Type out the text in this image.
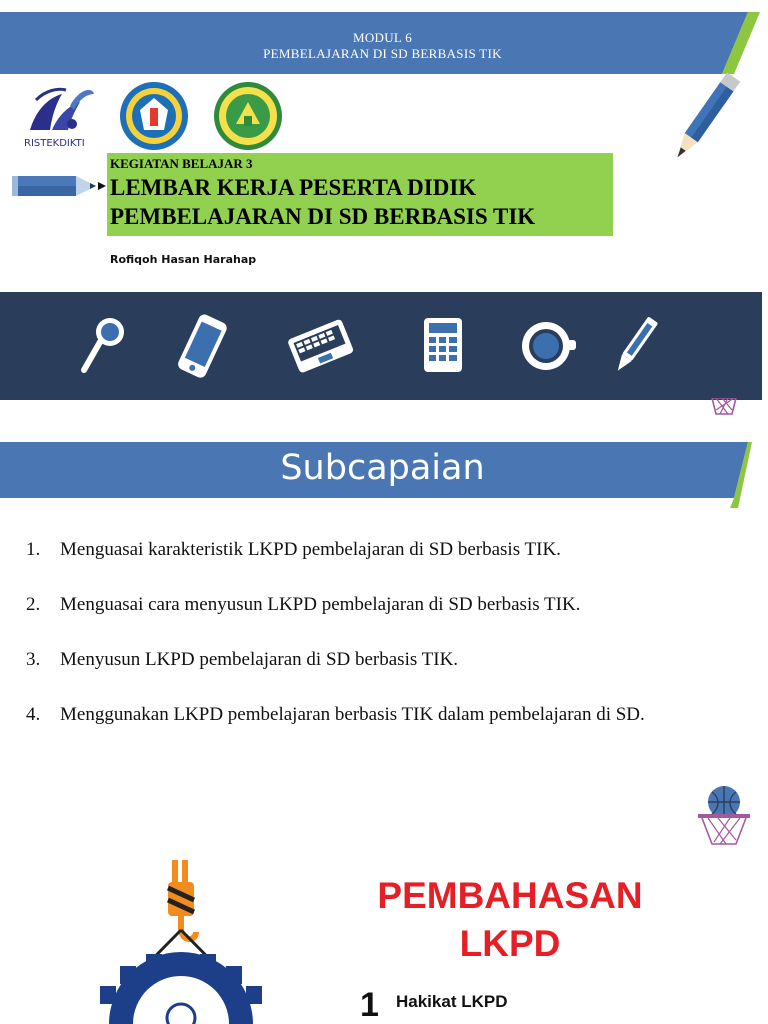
MODUL 6
PEMBELAJARAN DI SD BERBASIS TIK
RISTEKDIKTI
KEGIATAN BELAJAR 3
LEMBAR KERJA PESERTA DIDIK
PEMBELAJARAN DI SD BERBASIS TIK
Rofiqoh Hasan Harahap
Subcapaian
1. Menguasai karakteristik LKPD pembelajaran di SD berbasis TIK.
2. Menguasai cara menyusun LKPD pembelajaran di SD berbasis TIK.
3. Menyusun LKPD pembelajaran di SD berbasis TIK.
4. Menggunakan LKPD pembelajaran berbasis TIK dalam pembelajaran di SD.
PEMBAHASAN
LKPD
1 Hakikat LKPD
